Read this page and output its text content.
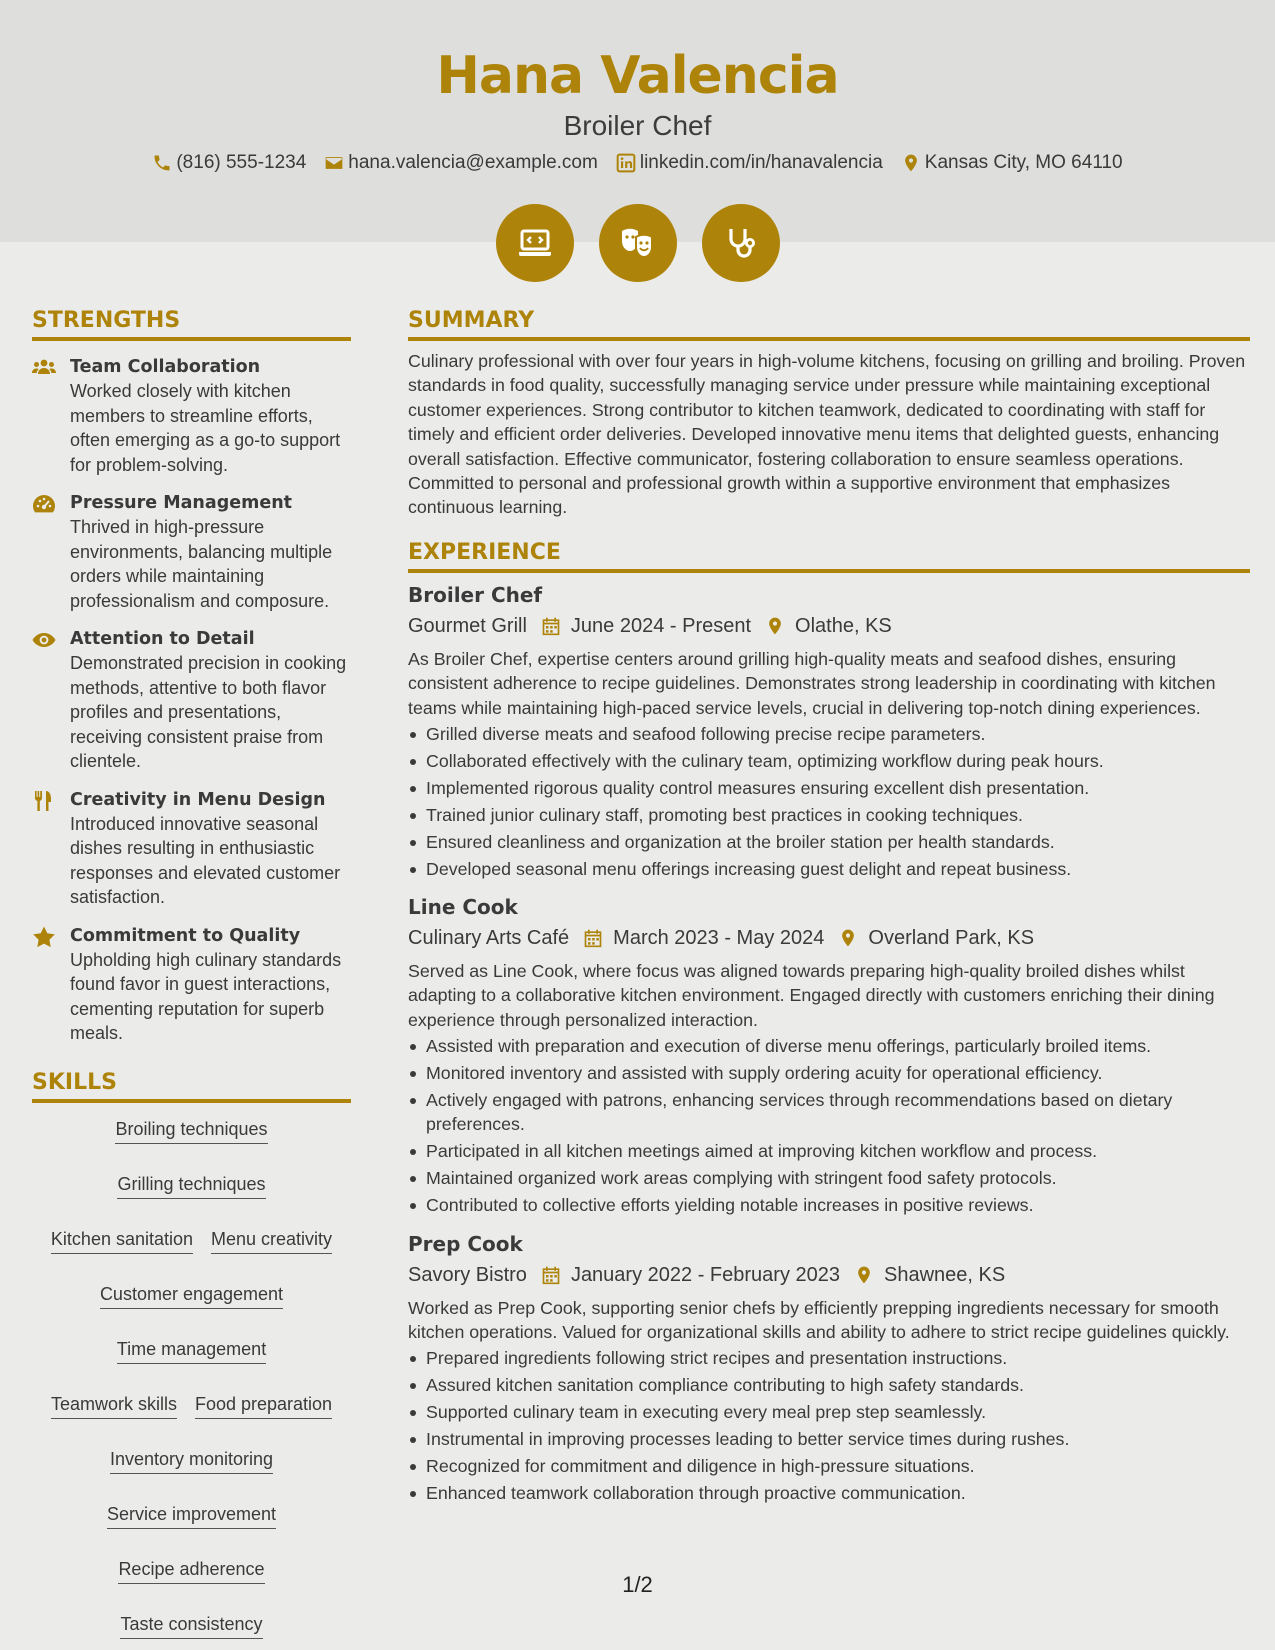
Hana Valencia
Broiler Chef
(816) 555-1234 hana.valencia@example.com linkedin.com/in/hanavalencia Kansas City, MO 64110
STRENGTHS
Team Collaboration
Worked closely with kitchen members to streamline efforts, often emerging as a go-to support for problem-solving.
Pressure Management
Thrived in high-pressure environments, balancing multiple orders while maintaining professionalism and composure.
Attention to Detail
Demonstrated precision in cooking methods, attentive to both flavor profiles and presentations, receiving consistent praise from clientele.
Creativity in Menu Design
Introduced innovative seasonal dishes resulting in enthusiastic responses and elevated customer satisfaction.
Commitment to Quality
Upholding high culinary standards found favor in guest interactions, cementing reputation for superb meals.
SKILLS
Broiling techniques
Grilling techniques
Kitchen sanitation Menu creativity
Customer engagement
Time management
Teamwork skills Food preparation
Inventory monitoring
Service improvement
Recipe adherence
Taste consistency
SUMMARY
Culinary professional with over four years in high-volume kitchens, focusing on grilling and broiling. Proven standards in food quality, successfully managing service under pressure while maintaining exceptional customer experiences. Strong contributor to kitchen teamwork, dedicated to coordinating with staff for timely and efficient order deliveries. Developed innovative menu items that delighted guests, enhancing overall satisfaction. Effective communicator, fostering collaboration to ensure seamless operations. Committed to personal and professional growth within a supportive environment that emphasizes continuous learning.
EXPERIENCE
Broiler Chef
Gourmet Grill June 2024 - Present Olathe, KS
As Broiler Chef, expertise centers around grilling high-quality meats and seafood dishes, ensuring consistent adherence to recipe guidelines. Demonstrates strong leadership in coordinating with kitchen teams while maintaining high-paced service levels, crucial in delivering top-notch dining experiences.
Grilled diverse meats and seafood following precise recipe parameters.
Collaborated effectively with the culinary team, optimizing workflow during peak hours.
Implemented rigorous quality control measures ensuring excellent dish presentation.
Trained junior culinary staff, promoting best practices in cooking techniques.
Ensured cleanliness and organization at the broiler station per health standards.
Developed seasonal menu offerings increasing guest delight and repeat business.
Line Cook
Culinary Arts Café March 2023 - May 2024 Overland Park, KS
Served as Line Cook, where focus was aligned towards preparing high-quality broiled dishes whilst adapting to a collaborative kitchen environment. Engaged directly with customers enriching their dining experience through personalized interaction.
Assisted with preparation and execution of diverse menu offerings, particularly broiled items.
Monitored inventory and assisted with supply ordering acuity for operational efficiency.
Actively engaged with patrons, enhancing services through recommendations based on dietary preferences.
Participated in all kitchen meetings aimed at improving kitchen workflow and process.
Maintained organized work areas complying with stringent food safety protocols.
Contributed to collective efforts yielding notable increases in positive reviews.
Prep Cook
Savory Bistro January 2022 - February 2023 Shawnee, KS
Worked as Prep Cook, supporting senior chefs by efficiently prepping ingredients necessary for smooth kitchen operations. Valued for organizational skills and ability to adhere to strict recipe guidelines quickly.
Prepared ingredients following strict recipes and presentation instructions.
Assured kitchen sanitation compliance contributing to high safety standards.
Supported culinary team in executing every meal prep step seamlessly.
Instrumental in improving processes leading to better service times during rushes.
Recognized for commitment and diligence in high-pressure situations.
Enhanced teamwork collaboration through proactive communication.
1/2
